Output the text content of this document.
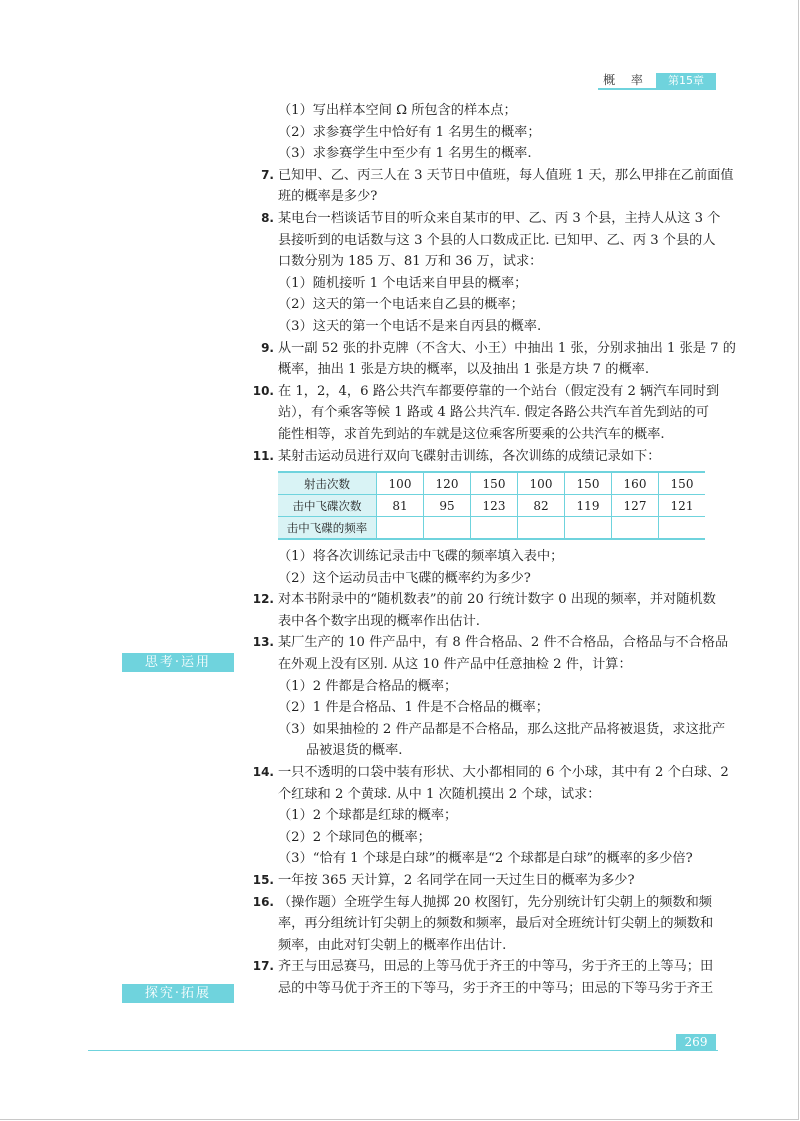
概 率	第15章
思考·运用
探究·拓展
（1）写出样本空间 Ω 所包含的样本点；
（2）求参赛学生中恰好有 1 名男生的概率；
（3）求参赛学生中至少有 1 名男生的概率.
7. 已知甲、乙、丙三人在 3 天节日中值班，每人值班 1 天，那么甲排在乙前面值
班的概率是多少?
8. 某电台一档谈话节目的听众来自某市的甲、乙、丙 3 个县，主持人从这 3 个
县接听到的电话数与这 3 个县的人口数成正比. 已知甲、乙、丙 3 个县的人
口数分别为 185 万、81 万和 36 万，试求：
（1）随机接听 1 个电话来自甲县的概率；
（2）这天的第一个电话来自乙县的概率；
（3）这天的第一个电话不是来自丙县的概率.
9. 从一副 52 张的扑克牌（不含大、小王）中抽出 1 张，分别求抽出 1 张是 7 的
概率，抽出 1 张是方块的概率，以及抽出 1 张是方块 7 的概率.
10. 在 1，2，4，6 路公共汽车都要停靠的一个站台（假定没有 2 辆汽车同时到
站），有个乘客等候 1 路或 4 路公共汽车. 假定各路公共汽车首先到站的可
能性相等，求首先到站的车就是这位乘客所要乘的公共汽车的概率.
11. 某射击运动员进行双向飞碟射击训练，各次训练的成绩记录如下：
射击次数	100	120	150	100	150	160	150
击中飞碟次数	81	95	123	82	119	127	121
击中飞碟的频率							
（1）将各次训练记录击中飞碟的频率填入表中；
（2）这个运动员击中飞碟的概率约为多少?
12. 对本书附录中的“随机数表”的前 20 行统计数字 0 出现的频率，并对随机数
表中各个数字出现的概率作出估计.
13. 某厂生产的 10 件产品中，有 8 件合格品、2 件不合格品，合格品与不合格品
在外观上没有区别. 从这 10 件产品中任意抽检 2 件，计算：
（1）2 件都是合格品的概率；
（2）1 件是合格品、1 件是不合格品的概率；
（3）如果抽检的 2 件产品都是不合格品，那么这批产品将被退货，求这批产
品被退货的概率.
14. 一只不透明的口袋中装有形状、大小都相同的 6 个小球，其中有 2 个白球、2
个红球和 2 个黄球. 从中 1 次随机摸出 2 个球，试求：
（1）2 个球都是红球的概率；
（2）2 个球同色的概率；
（3）“恰有 1 个球是白球”的概率是“2 个球都是白球”的概率的多少倍?
15. 一年按 365 天计算，2 名同学在同一天过生日的概率为多少?
16. （操作题）全班学生每人抛掷 20 枚图钉，先分别统计钉尖朝上的频数和频
率，再分组统计钉尖朝上的频数和频率，最后对全班统计钉尖朝上的频数和
频率，由此对钉尖朝上的概率作出估计.
17. 齐王与田忌赛马，田忌的上等马优于齐王的中等马，劣于齐王的上等马；田
忌的中等马优于齐王的下等马，劣于齐王的中等马；田忌的下等马劣于齐王
269
